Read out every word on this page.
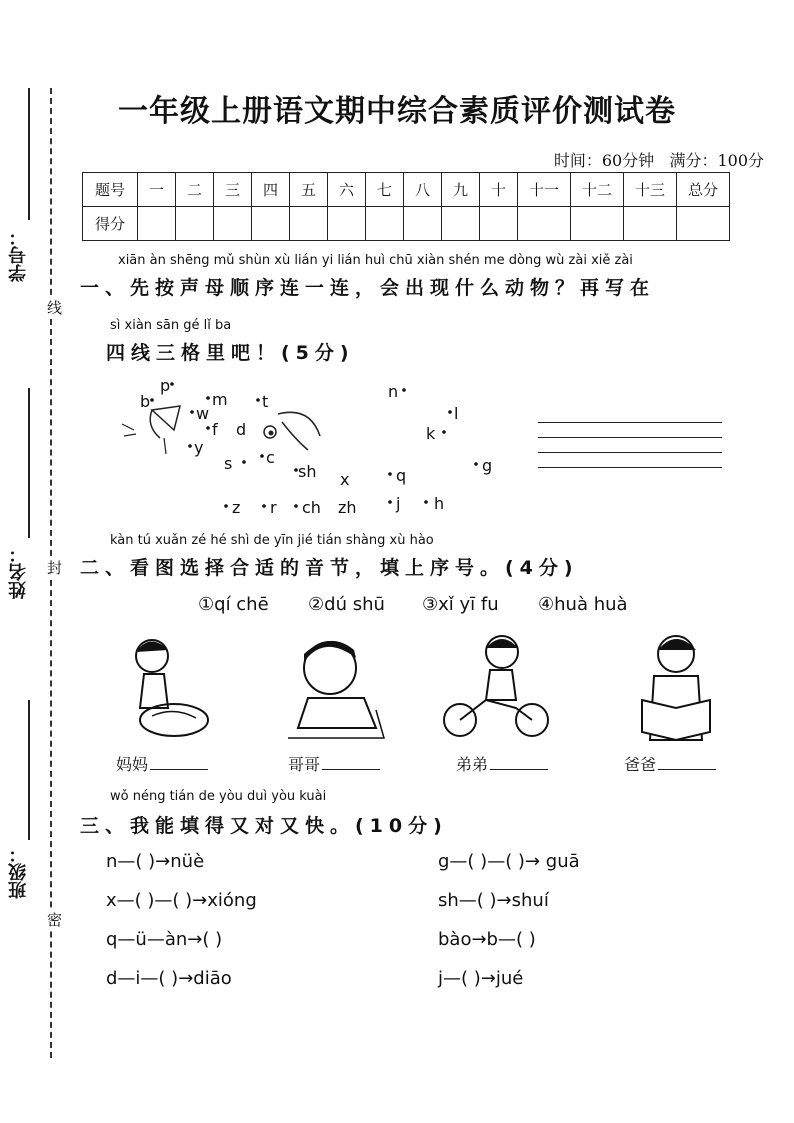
学号：
线
姓名： 封
班级：
密
一年级上册语文期中综合素质评价测试卷
时间：60分钟 满分：100分
题号	一	二	三	四	五	六	七	八	九	十	十一	十二	十三	总分
得分														
xiān àn shēng mǔ shùn xù lián yi lián huì chū xiàn shén me dòng wù zài xiě zài
一、先按声母顺序连一连，会出现什么动物？再写在
sì xiàn sān gé lǐ ba
四线三格里吧！(5分)
b
p
m t
w
f d
y
c
s	sh x	q
z r ch zh j h
n
l
k
g
kàn tú xuǎn zé hé shì de yīn jié tián shàng xù hào
二、看图选择合适的音节，填上序号。(4分)
①qí chē ②dú shū ③xǐ yī fu ④huà huà
妈妈	哥哥	弟弟	爸爸
wǒ néng tián de yòu duì yòu kuài
三、我能填得又对又快。(10分)
n—( )→nüè
x—( )—( )→xióng
q—ü—àn→( )
d—i—( )→diāo
g—( )—( )→ guā
sh—( )→shuí
bào→b—( )
j—( )→jué
